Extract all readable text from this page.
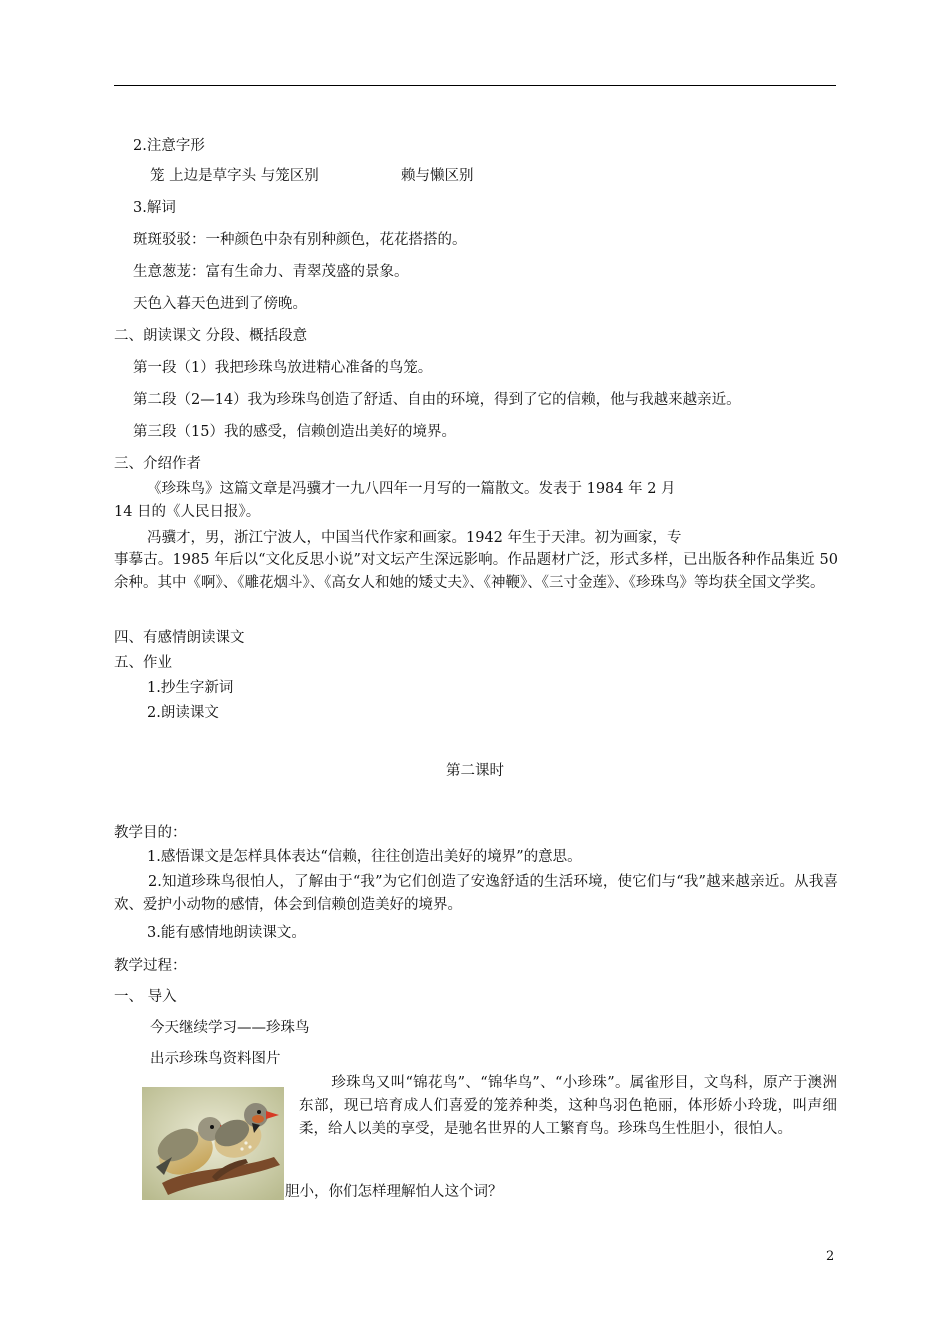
2.注意字形
笼 上边是草字头 与笼区别	赖与懒区别
3.解词
斑斑驳驳：一种颜色中杂有别种颜色，花花搭搭的。
生意葱茏：富有生命力、青翠茂盛的景象。
天色入暮天色进到了傍晚。
二、朗读课文 分段、概括段意
第一段（1）我把珍珠鸟放进精心准备的鸟笼。
第二段（2—14）我为珍珠鸟创造了舒适、自由的环境，得到了它的信赖，他与我越来越亲近。
第三段（15）我的感受，信赖创造出美好的境界。
三、介绍作者
《珍珠鸟》这篇文章是冯骥才一九八四年一月写的一篇散文。发表于 1984 年 2 月
14 日的《人民日报》。
冯骥才，男，浙江宁波人，中国当代作家和画家。1942 年生于天津。初为画家，专
事摹古。1985 年后以“文化反思小说”对文坛产生深远影响。作品题材广泛，形式多样，已出版各种作品集近 50 余种。其中《啊》、《雕花烟斗》、《高女人和她的矮丈夫》、《神鞭》、《三寸金莲》、《珍珠鸟》等均获全国文学奖。
四、有感情朗读课文
五、作业
1.抄生字新词
2.朗读课文
第二课时
教学目的：
1.感悟课文是怎样具体表达“信赖，往往创造出美好的境界”的意思。
2.知道珍珠鸟很怕人，了解由于“我”为它们创造了安逸舒适的生活环境，使它们与“我”越来越亲近。从我喜欢、爱护小动物的感情，体会到信赖创造美好的境界。
3.能有感情地朗读课文。
教学过程：
一、 导入
今天继续学习——珍珠鸟
出示珍珠鸟资料图片
珍珠鸟又叫“锦花鸟”、“锦华鸟”、“小珍珠”。属雀形目，文鸟科，原产于澳洲东部，现已培育成人们喜爱的笼养种类，这种鸟羽色艳丽，体形娇小玲珑，叫声细柔，给人以美的享受，是驰名世界的人工繁育鸟。珍珠鸟生性胆小，很怕人。
胆小，你们怎样理解怕人这个词？
2
